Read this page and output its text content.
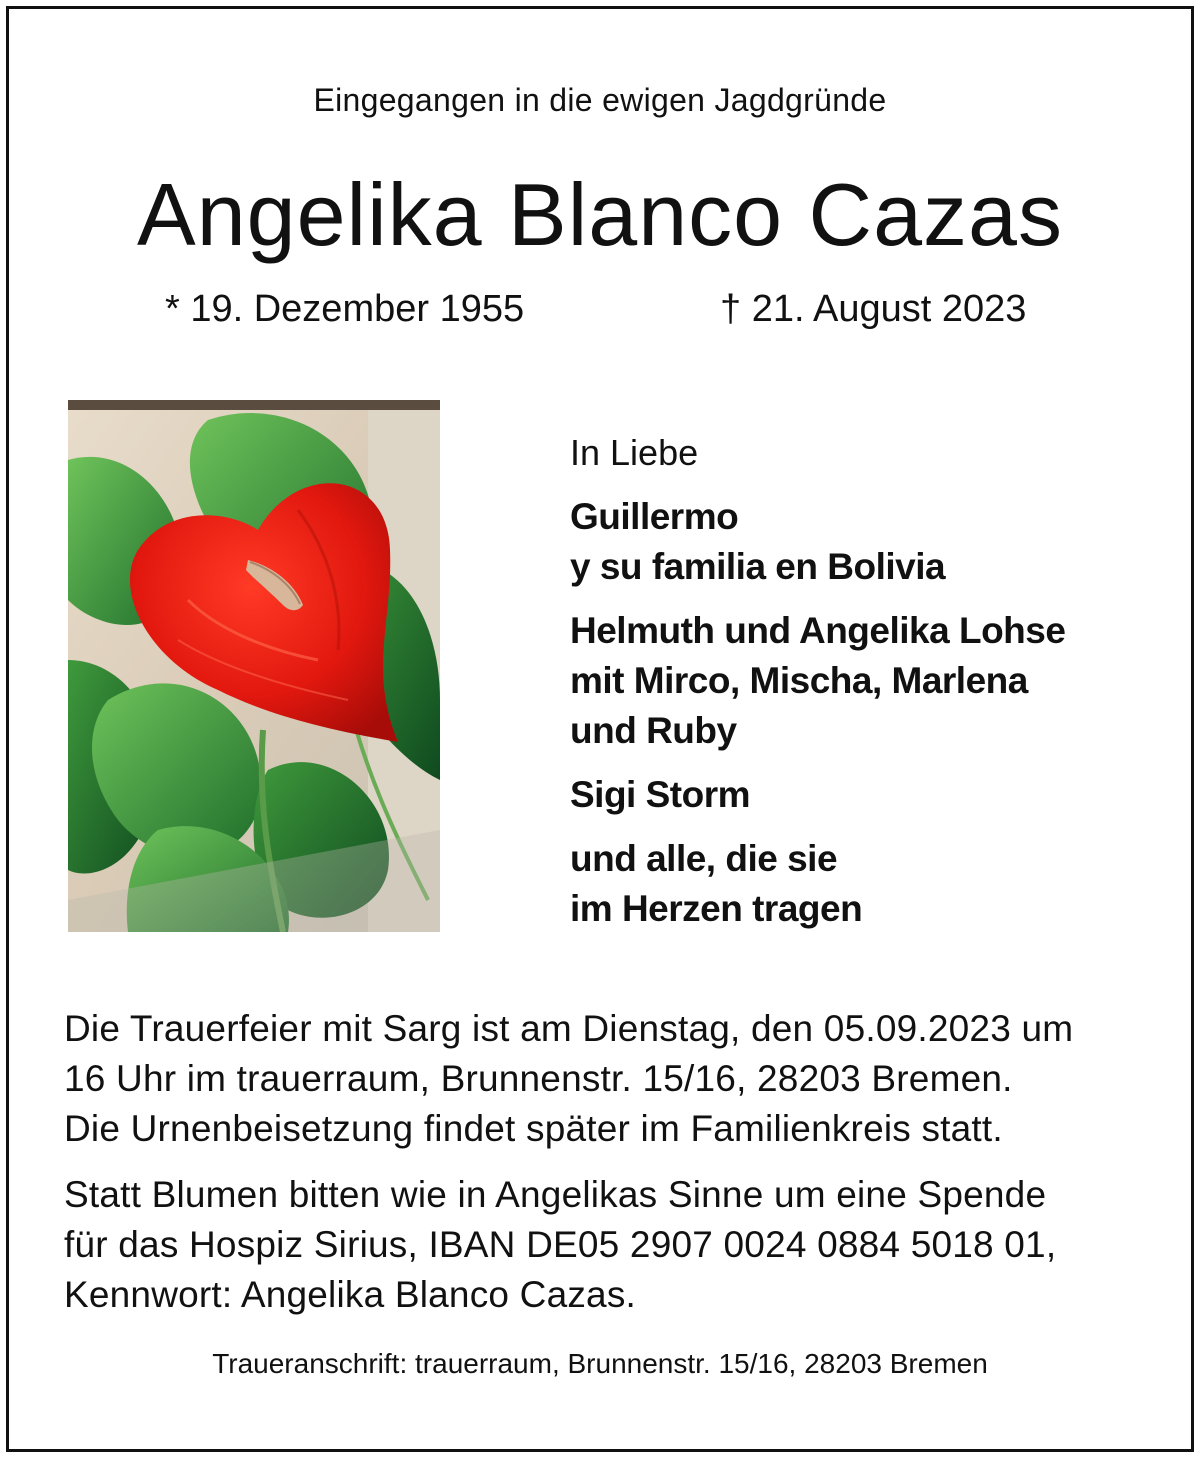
Eingegangen in die ewigen Jagdgründe
Angelika Blanco Cazas
* 19. Dezember 1955	† 21. August 2023
In Liebe
Guillermo
y su familia en Bolivia
Helmuth und Angelika Lohse
mit Mirco, Mischa, Marlena
und Ruby
Sigi Storm
und alle, die sie
im Herzen tragen
Die Trauerfeier mit Sarg ist am Dienstag, den 05.09.2023 um
16 Uhr im trauerraum, Brunnenstr. 15/16, 28203 Bremen.
Die Urnenbeisetzung findet später im Familienkreis statt.
Statt Blumen bitten wie in Angelikas Sinne um eine Spende
für das Hospiz Sirius, IBAN DE05 2907 0024 0884 5018 01,
Kennwort: Angelika Blanco Cazas.
Traueranschrift: trauerraum, Brunnenstr. 15/16, 28203 Bremen
